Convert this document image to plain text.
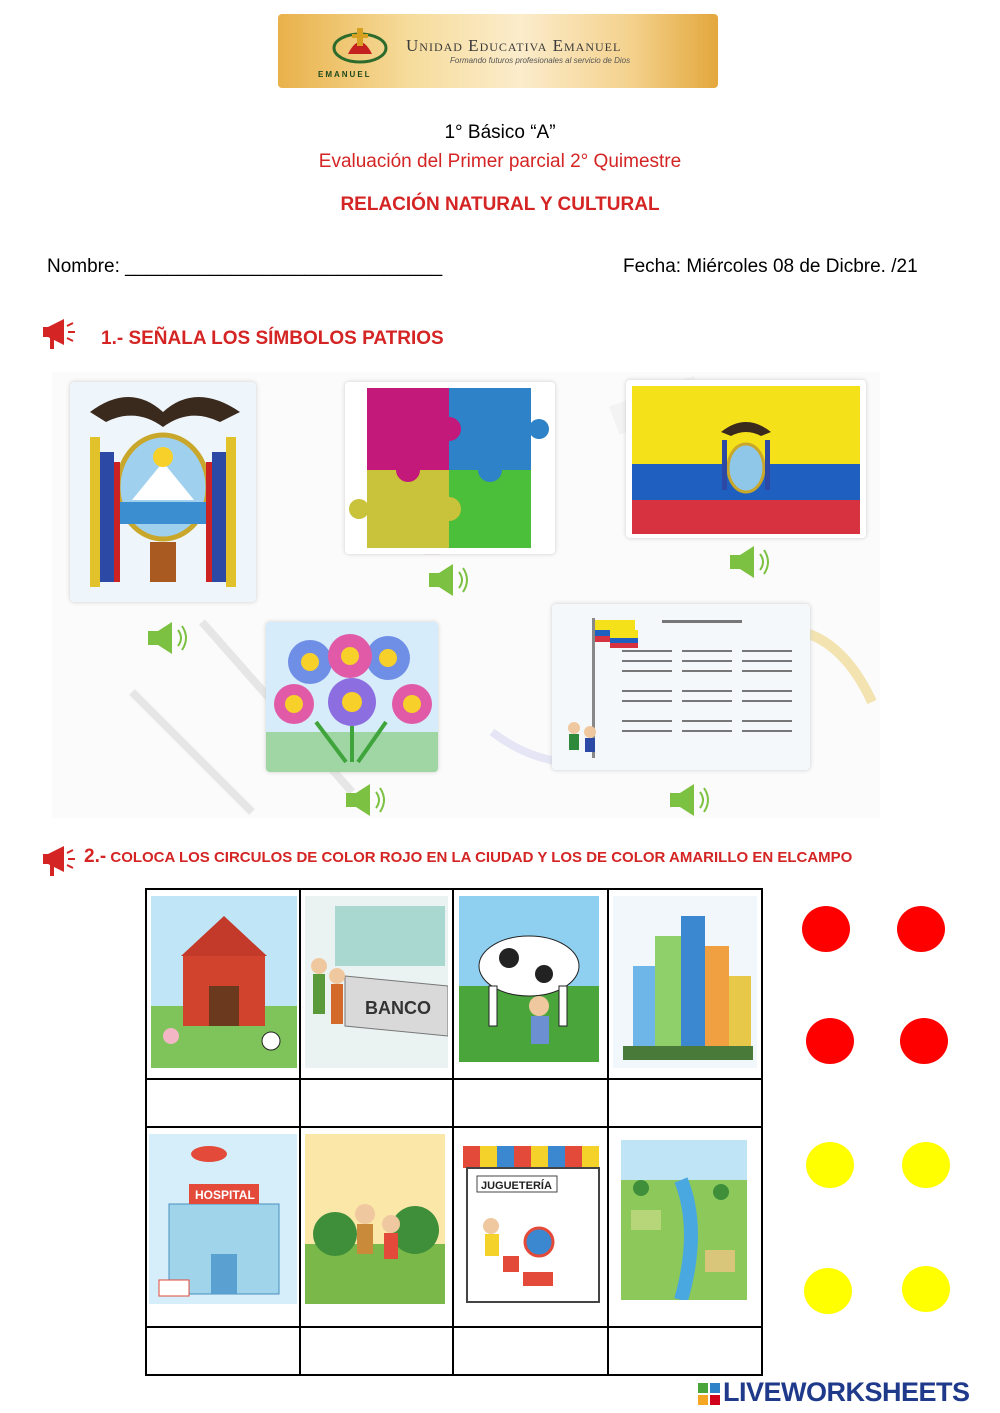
EMANUEL
Unidad Educativa Emanuel
Formando futuros profesionales al servicio de Dios
1° Básico “A”
Evaluación del Primer parcial 2° Quimestre
RELACIÓN NATURAL Y CULTURAL
Nombre: ______________________________	Fecha: Miércoles 08 de Dicbre. /21
1.- SEÑALA LOS SÍMBOLOS PATRIOS
2.- COLOCA LOS CIRCULOS DE COLOR ROJO EN LA CIUDAD Y LOS DE COLOR AMARILLO EN ELCAMPO
BANCO
HOSPITAL
JUGUETERÍA
LIVEWORKSHEETS
